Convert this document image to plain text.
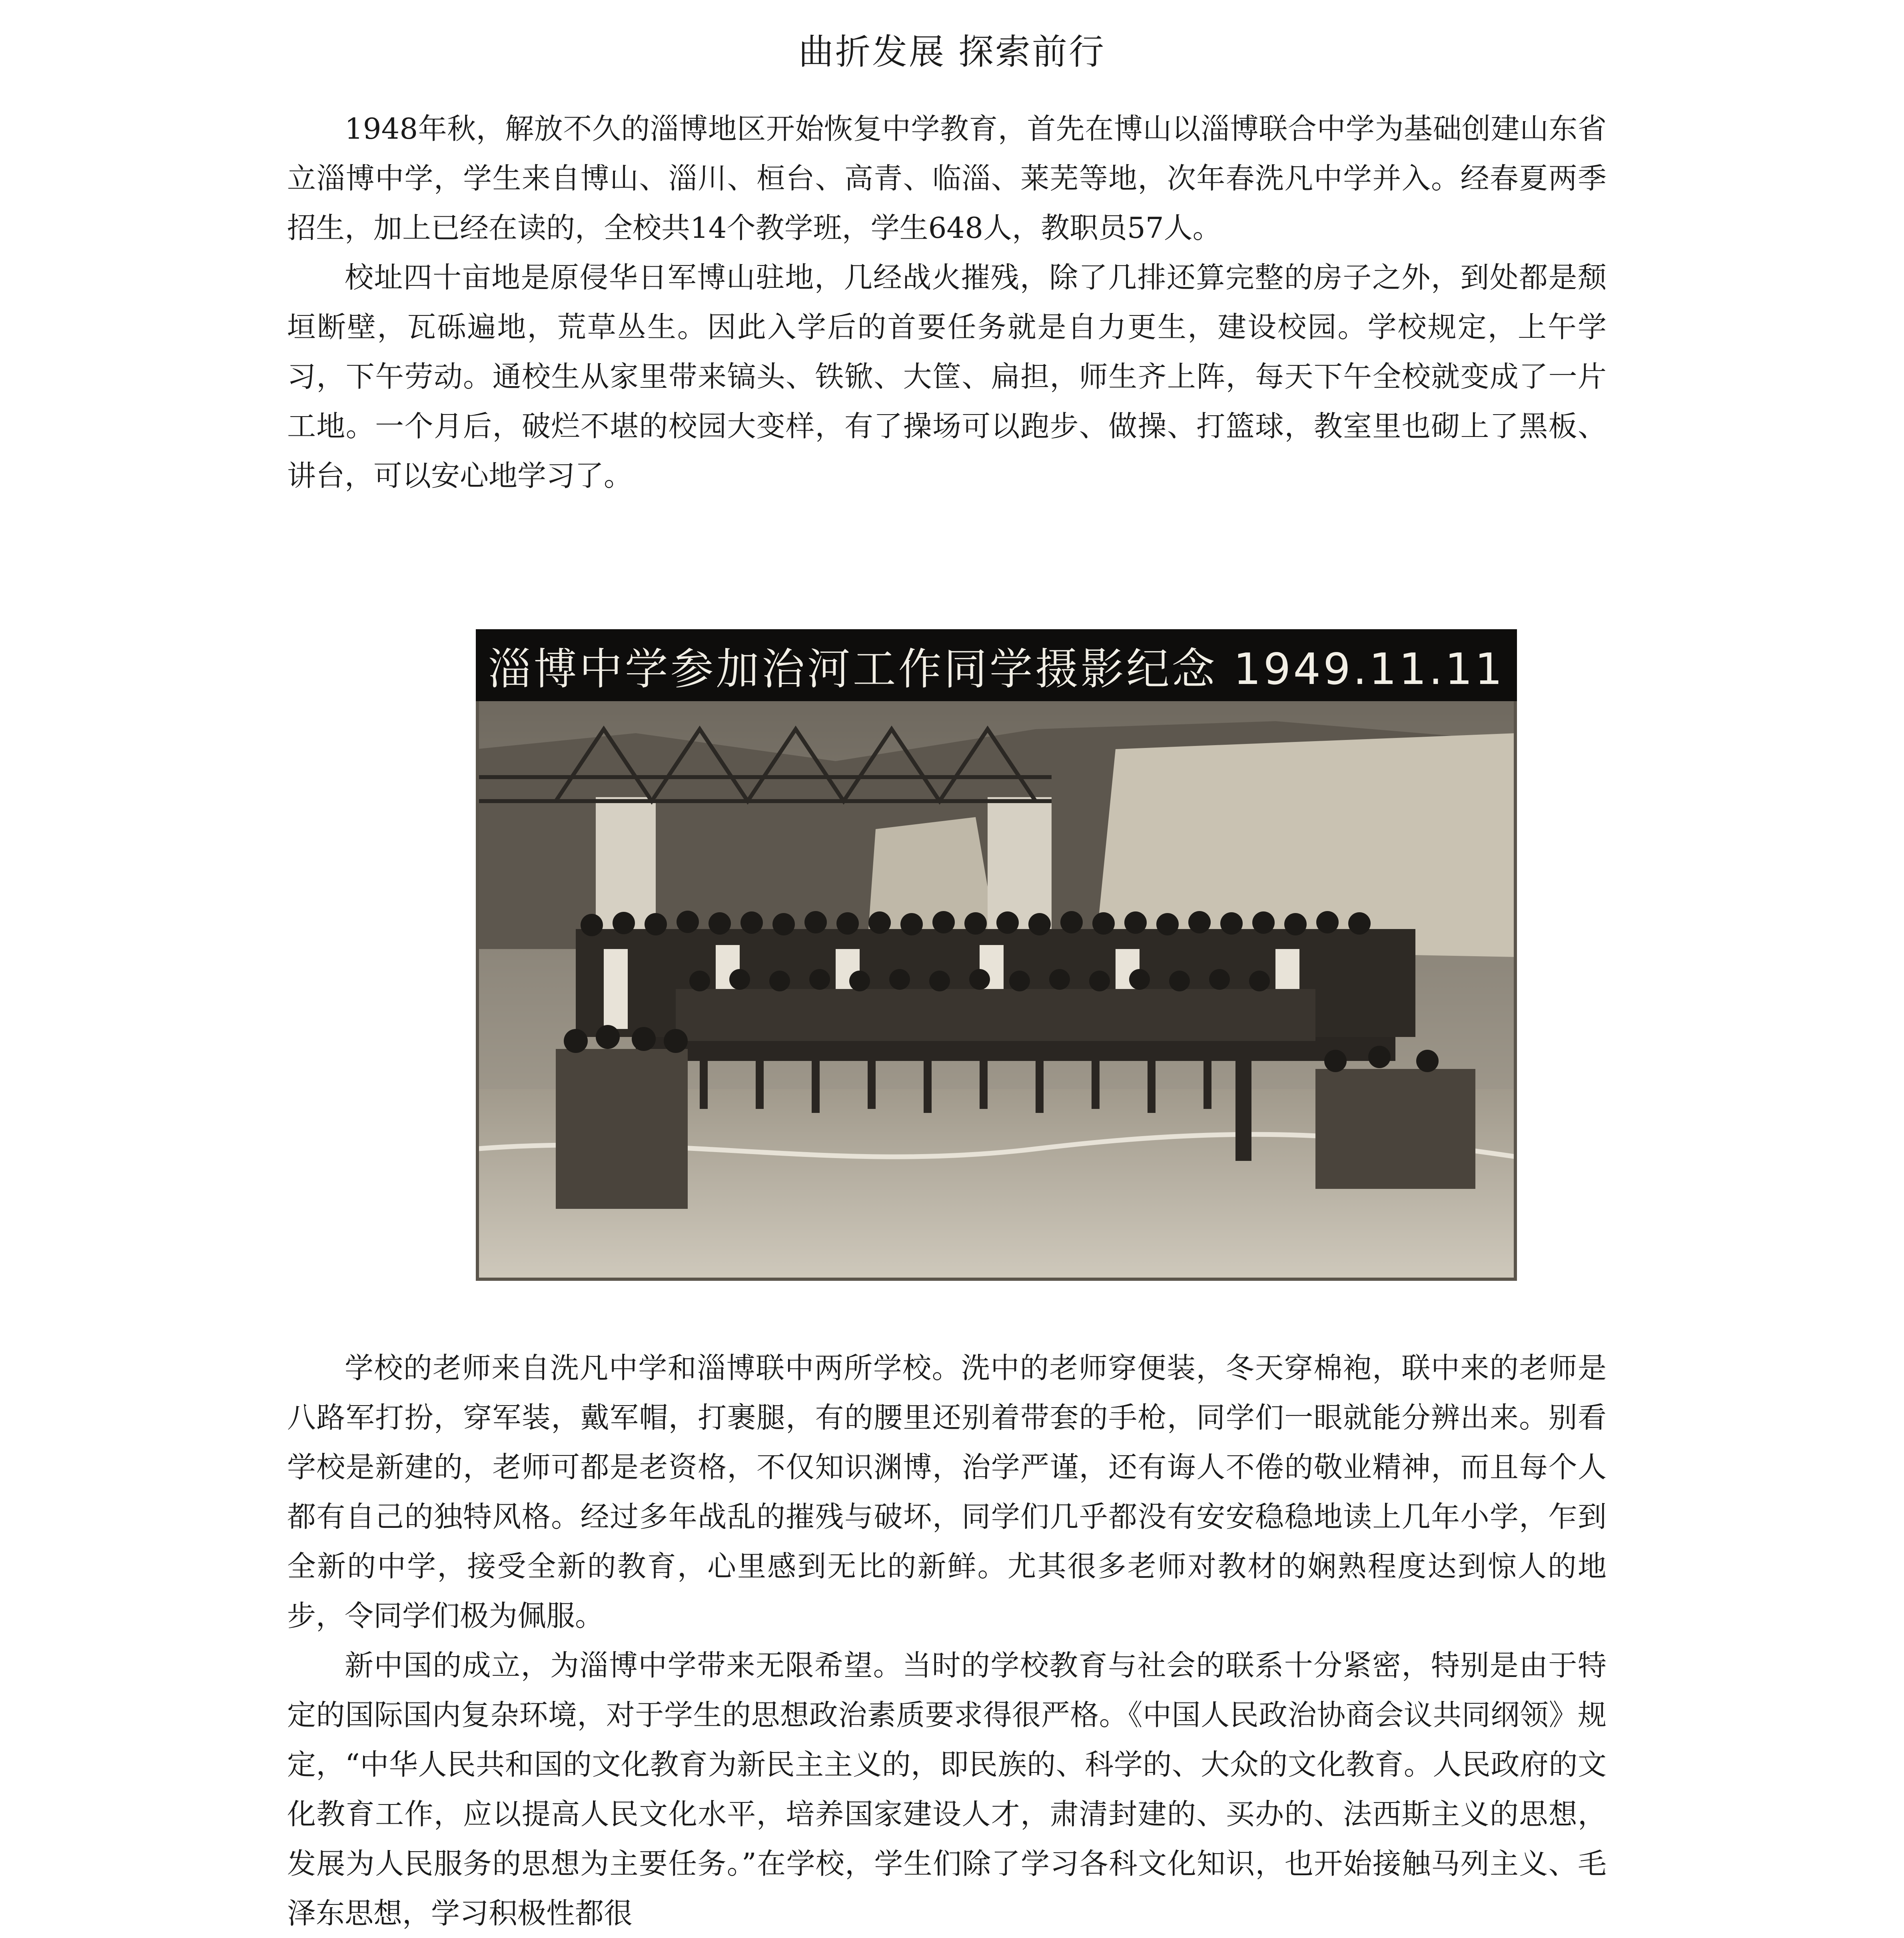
曲折发展 探索前行

1948年秋，解放不久的淄博地区开始恢复中学教育，首先在博山以淄博联合中学为基础创建山东省立淄博中学，学生来自博山、淄川、桓台、高青、临淄、莱芜等地，次年春洗凡中学并入。经春夏两季招生，加上已经在读的，全校共14个教学班，学生648人，教职员57人。

校址四十亩地是原侵华日军博山驻地，几经战火摧残，除了几排还算完整的房子之外，到处都是颓垣断壁，瓦砾遍地，荒草丛生。因此入学后的首要任务就是自力更生，建设校园。学校规定，上午学习，下午劳动。通校生从家里带来镐头、铁锨、大筐、扁担，师生齐上阵，每天下午全校就变成了一片工地。一个月后，破烂不堪的校园大变样，有了操场可以跑步、做操、打篮球，教室里也砌上了黑板、讲台，可以安心地学习了。

淄博中学参加治河工作同学摄影纪念 1949.11.11

学校的老师来自洗凡中学和淄博联中两所学校。洗中的老师穿便装，冬天穿棉袍，联中来的老师是八路军打扮，穿军装，戴军帽，打裹腿，有的腰里还别着带套的手枪，同学们一眼就能分辨出来。别看学校是新建的，老师可都是老资格，不仅知识渊博，治学严谨，还有诲人不倦的敬业精神，而且每个人都有自己的独特风格。经过多年战乱的摧残与破坏，同学们几乎都没有安安稳稳地读上几年小学，乍到全新的中学，接受全新的教育，心里感到无比的新鲜。尤其很多老师对教材的娴熟程度达到惊人的地步，令同学们极为佩服。

新中国的成立，为淄博中学带来无限希望。当时的学校教育与社会的联系十分紧密，特别是由于特定的国际国内复杂环境，对于学生的思想政治素质要求得很严格。《中国人民政治协商会议共同纲领》规定，“中华人民共和国的文化教育为新民主主义的，即民族的、科学的、大众的文化教育。人民政府的文化教育工作，应以提高人民文化水平，培养国家建设人才，肃清封建的、买办的、法西斯主义的思想，发展为人民服务的思想为主要任务。”在学校，学生们除了学习各科文化知识，也开始接触马列主义、毛泽东思想，学习积极性都很
